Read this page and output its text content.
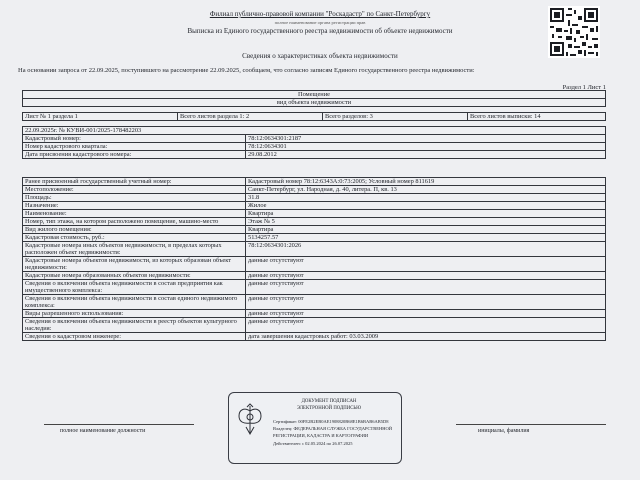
Филиал публично-правовой компании "Роскадастр" по Санкт-Петербургу
полное наименование органа регистрации прав
Выписка из Единого государственного реестра недвижимости об объекте недвижимости
Сведения о характеристиках объекта недвижимости
На основании запроса от 22.09.2025, поступившего на рассмотрение 22.09.2025, сообщаем, что согласно записям Единого государственного реестра недвижимости:
Раздел 1 Лист 1
Помещение
вид объекта недвижимости
Лист № 1 раздела 1	Всего листов раздела 1: 2	Всего разделов: 3	Всего листов выписки: 14
22.09.2025г. № КУВИ-001/2025-178482203
Кадастровый номер:	78:12:0634301:2187
Номер кадастрового квартала:	78:12:0634301
Дата присвоения кадастрового номера:	29.08.2012
Ранее присвоенный государственный учетный номер:	Кадастровый номер 78:12:6343А:0:73:2005; Условный номер 811619
Местоположение:	Санкт-Петербург, ул. Народная, д. 40, литера. П, кв. 13
Площадь:	31.8
Назначение:	Жилое
Наименование:	Квартира
Номер, тип этажа, на котором расположено помещение, машино-место	Этаж № 5
Вид жилого помещения:	Квартира
Кадастровая стоимость, руб.:	5134257.57
Кадастровые номера иных объектов недвижимости, в пределах которых расположен объект недвижимости:	78:12:0634301:2026
Кадастровые номера объектов недвижимости, из которых образован объект недвижимости:	данные отсутствуют
Кадастровые номера образованных объектов недвижимости:	данные отсутствуют
Сведения о включении объекта недвижимости в состав предприятия как имущественного комплекса:	данные отсутствуют
Сведения о включении объекта недвижимости в состав единого недвижимого комплекса:	данные отсутствуют
Виды разрешенного использования:	данные отсутствуют
Сведения о включении объекта недвижимости в реестр объектов культурного наследия:	данные отсутствуют
Сведения о кадастровом инженере:	дата завершения кадастровых работ: 03.03.2009
ДОКУМЕНТ ПОДПИСАН
ЭЛЕКТРОННОЙ ПОДПИСЬЮ
Сертификат: 00FE2B2EB0AE1908820B68E1B6BAB6AB5D8
Владелец: ФЕДЕРАЛЬНАЯ СЛУЖБА ГОСУДАРСТВЕННОЙ
РЕГИСТРАЦИИ, КАДАСТРА И КАРТОГРАФИИ
Действителен: с 02.05.2024 по 26.07.2025
полное наименование должности	инициалы, фамилия
